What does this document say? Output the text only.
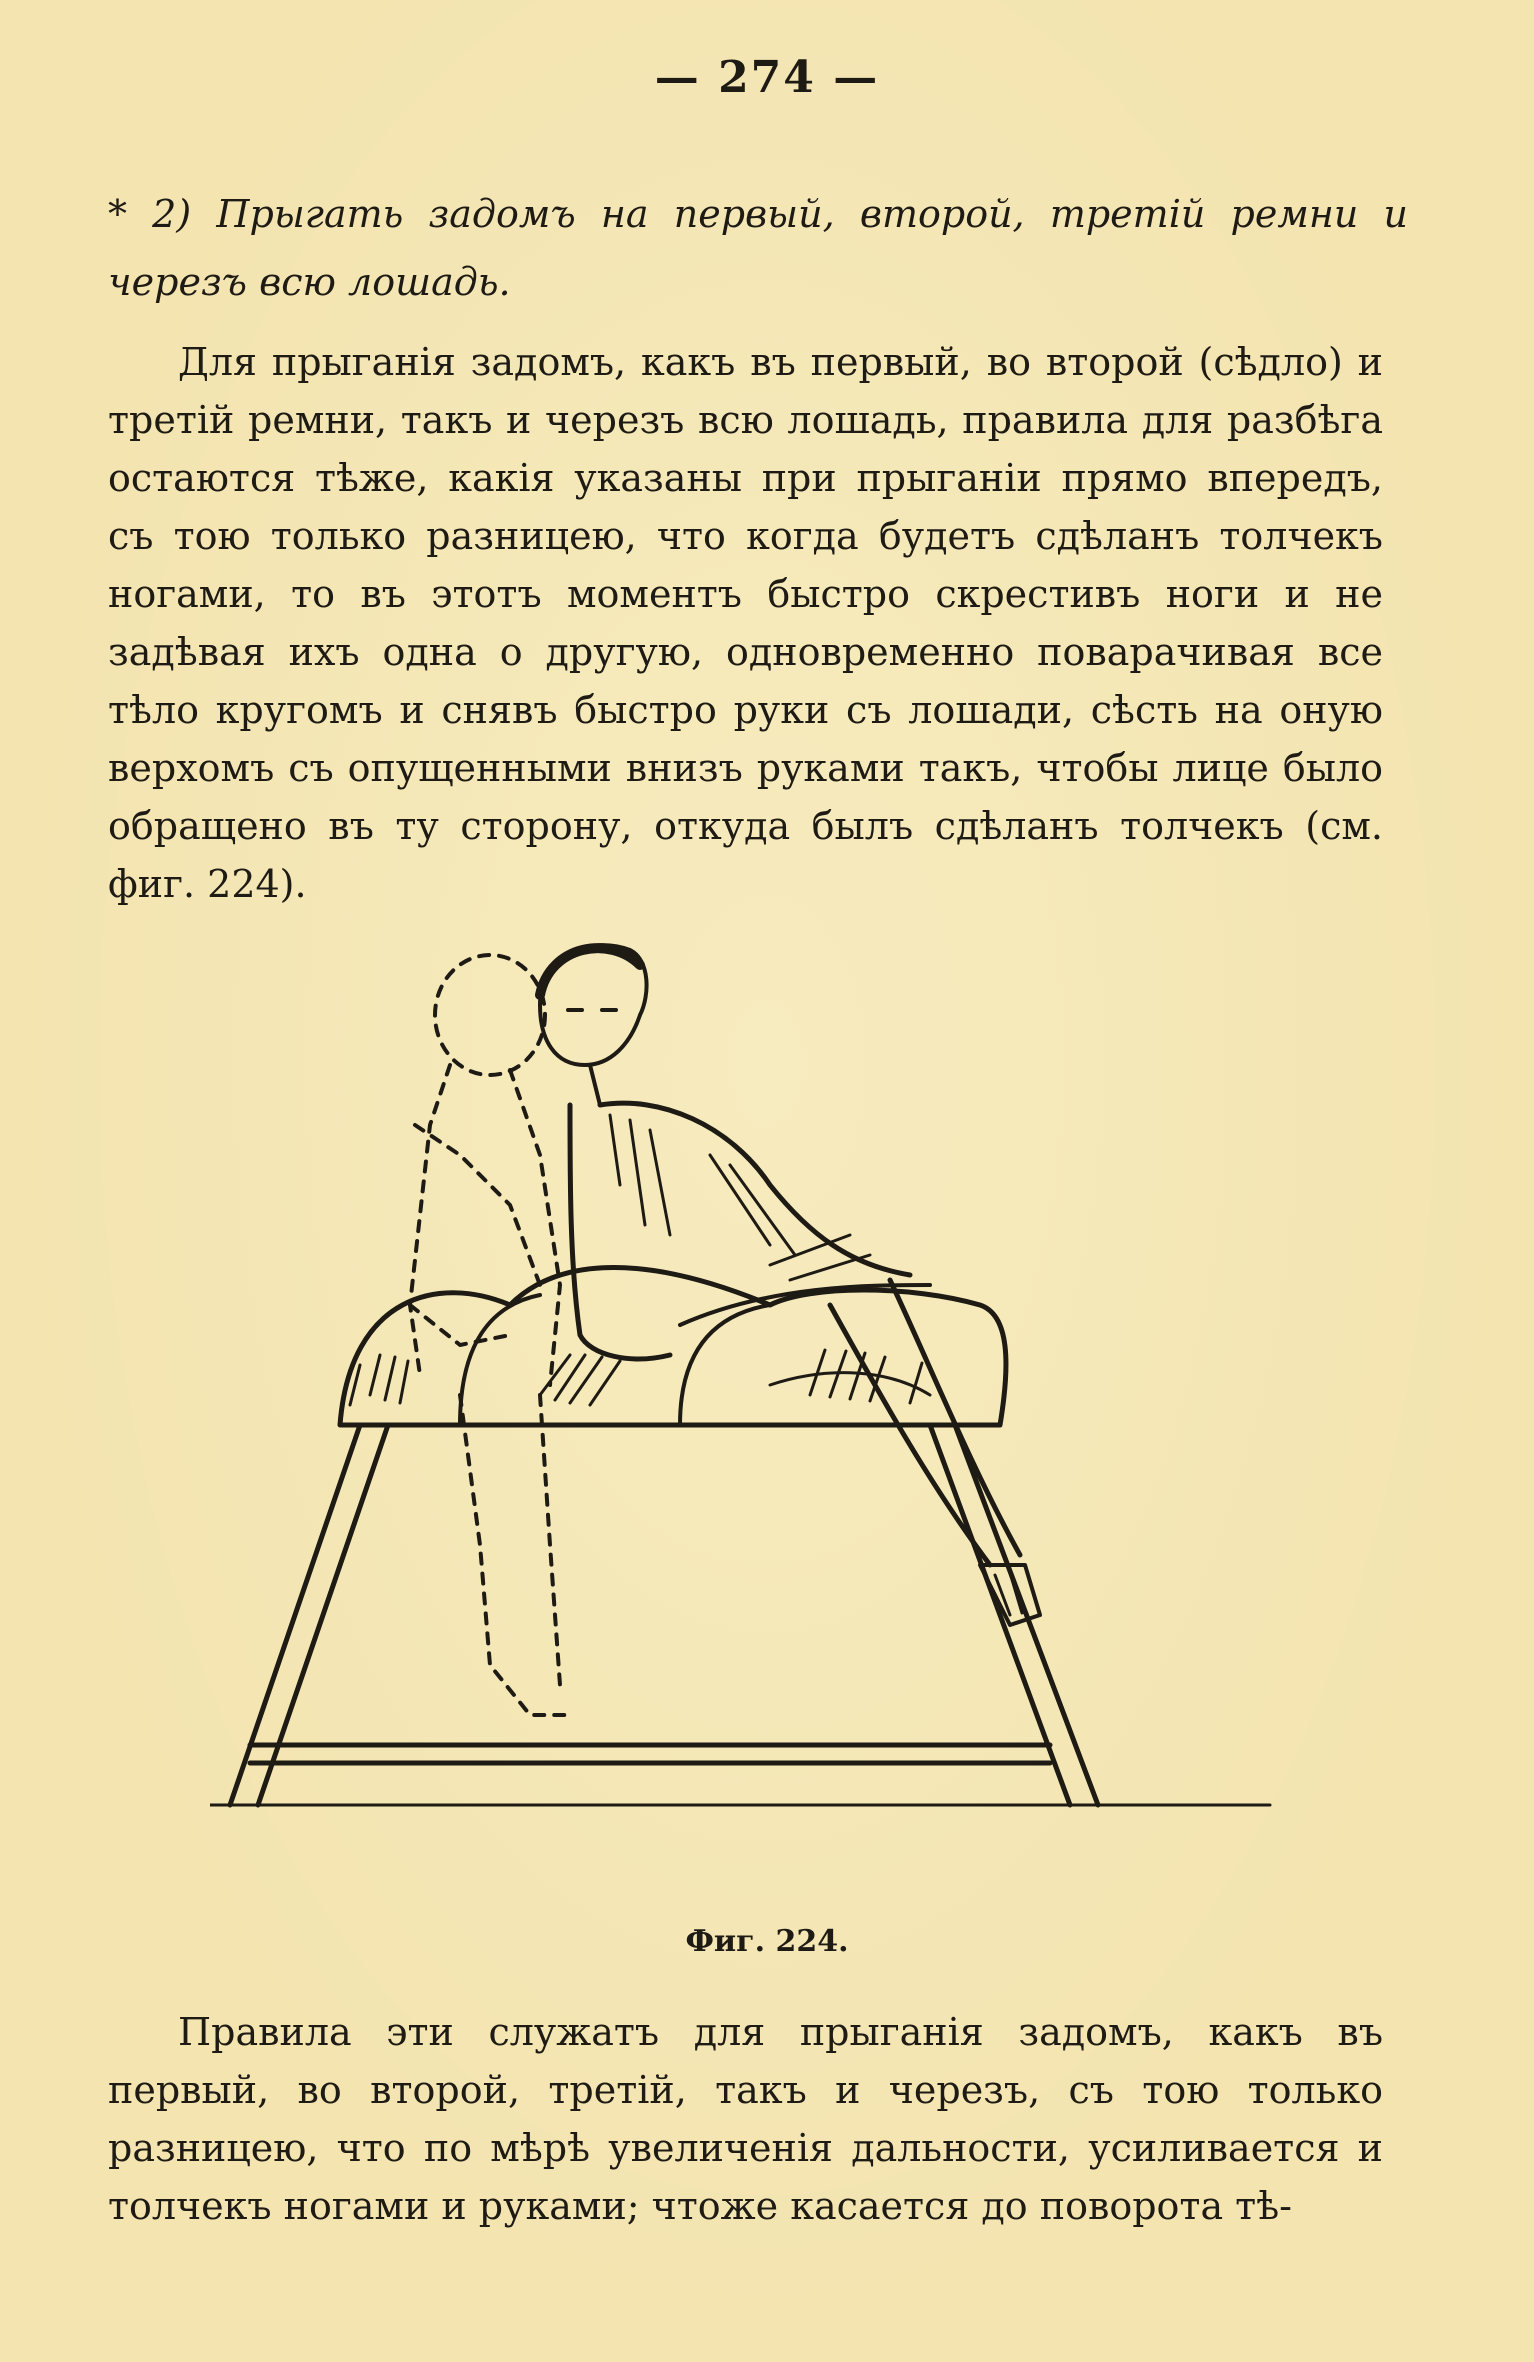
— 274 —
* 2) Прыгать задомъ на первый, второй, третій ремни и черезъ всю лошадь.
Для прыганія задомъ, какъ въ первый, во второй (сѣдло) и третій ремни, такъ и черезъ всю лошадь, правила для разбѣга остаются тѣже, какія указаны при прыганіи прямо впередъ, съ тою только разницею, что когда будетъ сдѣланъ толчекъ ногами, то въ этотъ моментъ быстро скрестивъ ноги и не задѣвая ихъ одна о другую, одновременно поварачивая все тѣло кругомъ и снявъ быстро руки съ лошади, сѣсть на оную верхомъ съ опущенными внизъ руками такъ, чтобы лице было обращено въ ту сторону, откуда былъ сдѣланъ толчекъ (см. фиг. 224).
Фиг. 224.
Правила эти служатъ для прыганія задомъ, какъ въ первый, во второй, третій, такъ и черезъ, съ тою только разницею, что по мѣрѣ увеличенія дальности, усиливается и толчекъ ногами и руками; чтоже касается до поворота тѣ-
